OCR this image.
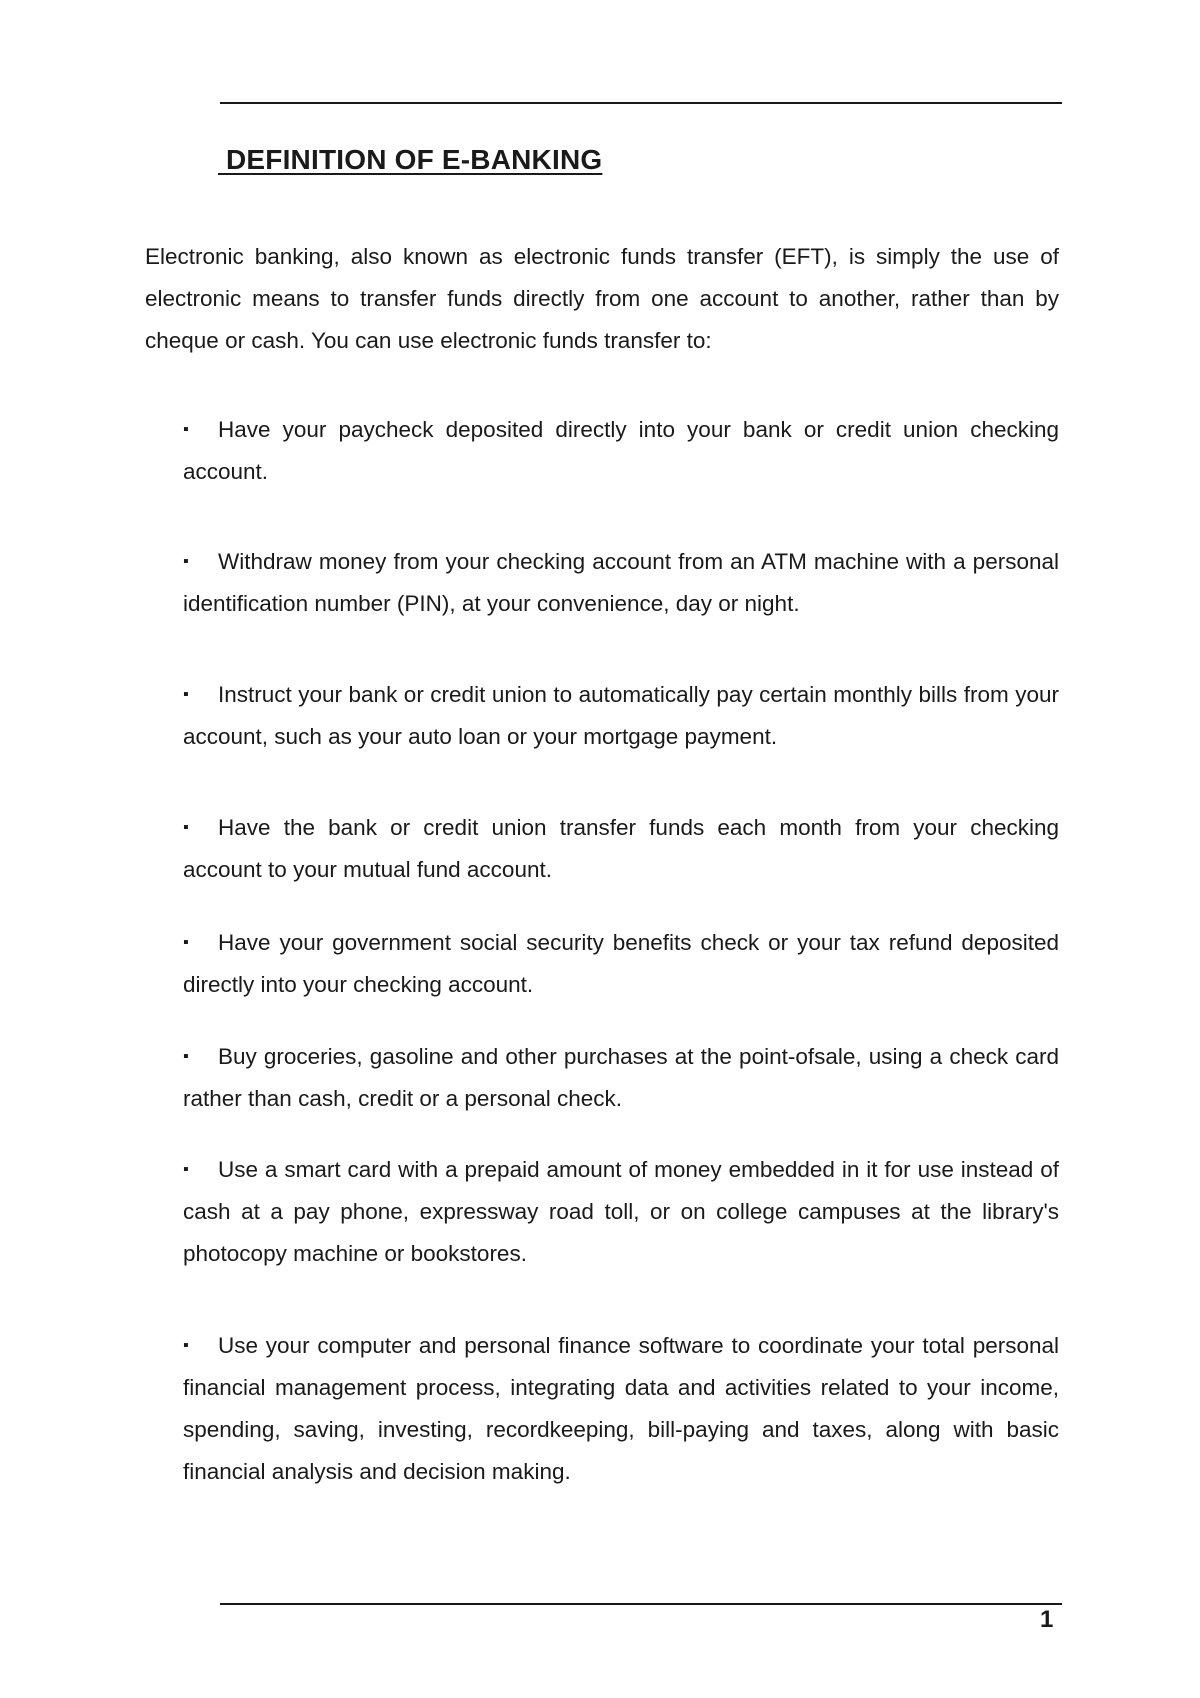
DEFINITION OF E-BANKING

Electronic banking, also known as electronic funds transfer (EFT), is simply the use of electronic means to transfer funds directly from one account to another, rather than by cheque or cash. You can use electronic funds transfer to:

▪ Have your paycheck deposited directly into your bank or credit union checking account.
▪ Withdraw money from your checking account from an ATM machine with a personal identification number (PIN), at your convenience, day or night.
▪ Instruct your bank or credit union to automatically pay certain monthly bills from your account, such as your auto loan or your mortgage payment.
▪ Have the bank or credit union transfer funds each month from your checking account to your mutual fund account.
▪ Have your government social security benefits check or your tax refund deposited directly into your checking account.
▪ Buy groceries, gasoline and other purchases at the point-ofsale, using a check card rather than cash, credit or a personal check.
▪ Use a smart card with a prepaid amount of money embedded in it for use instead of cash at a pay phone, expressway road toll, or on college campuses at the library's photocopy machine or bookstores.
▪ Use your computer and personal finance software to coordinate your total personal financial management process, integrating data and activities related to your income, spending, saving, investing, recordkeeping, bill-paying and taxes, along with basic financial analysis and decision making.
1
